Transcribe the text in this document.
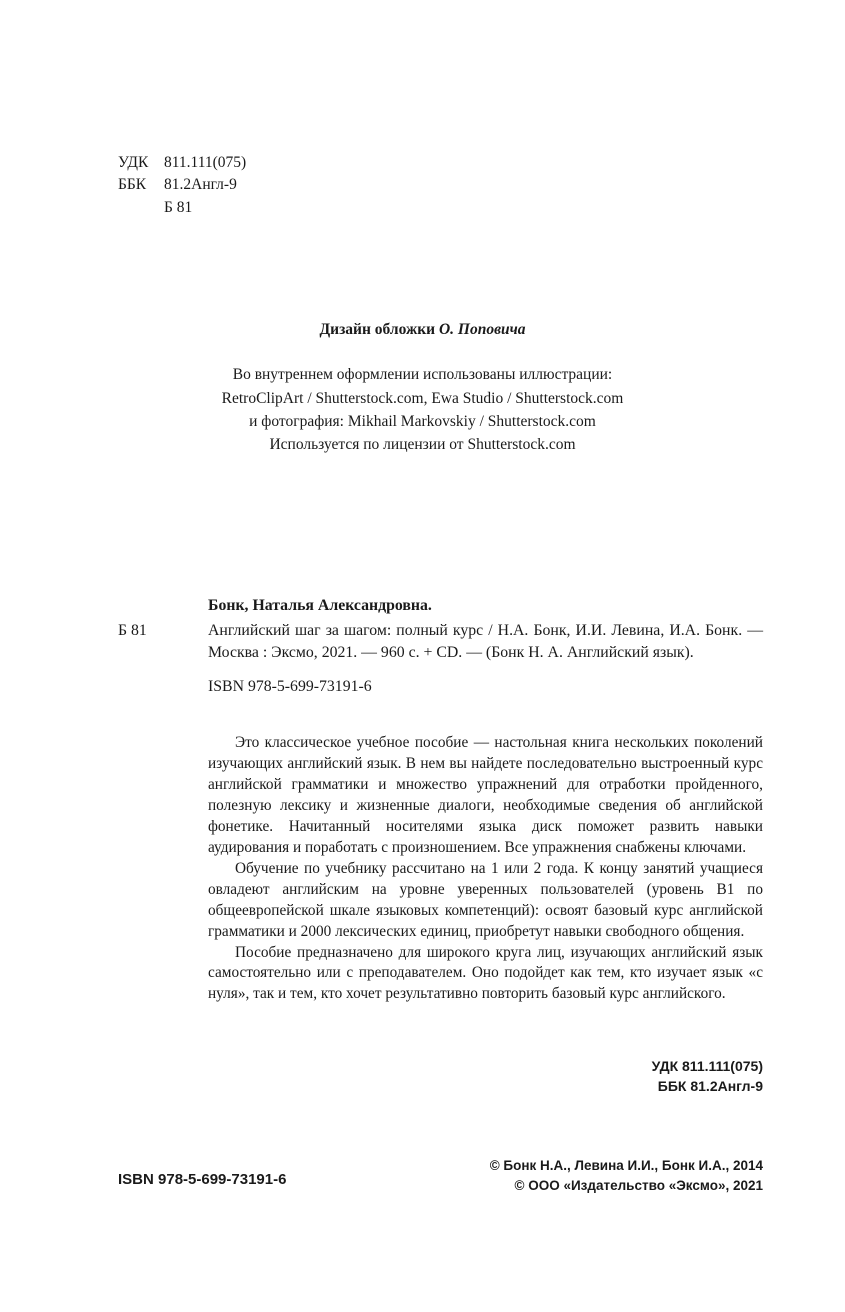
УДК 811.111(075)
ББК 81.2Англ-9
Б 81
Дизайн обложки О. Поповича
Во внутреннем оформлении использованы иллюстрации:
RetroClipArt / Shutterstock.com, Ewa Studio / Shutterstock.com
и фотография: Mikhail Markovskiy / Shutterstock.com
Используется по лицензии от Shutterstock.com
Бонк, Наталья Александровна.
Б 81	Английский шаг за шагом: полный курс / Н.А. Бонк, И.И. Левина, И.А. Бонк. — Москва : Эксмо, 2021. — 960 с. + CD. — (Бонк Н. А. Английский язык).
ISBN 978-5-699-73191-6

Это классическое учебное пособие — настольная книга нескольких поколений изучающих английский язык. В нем вы найдете последовательно выстроенный курс английской грамматики и множество упражнений для отработки пройденного, полезную лексику и жизненные диалоги, необходимые сведения об английской фонетике. Начитанный носителями языка диск поможет развить навыки аудирования и поработать с произношением. Все упражнения снабжены ключами.

Обучение по учебнику рассчитано на 1 или 2 года. К концу занятий учащиеся овладеют английским на уровне уверенных пользователей (уровень B1 по общеевропейской шкале языковых компетенций): освоят базовый курс английской грамматики и 2000 лексических единиц, приобретут навыки свободного общения.

Пособие предназначено для широкого круга лиц, изучающих английский язык самостоятельно или с преподавателем. Оно подойдет как тем, кто изучает язык «с нуля», так и тем, кто хочет результативно повторить базовый курс английского.

УДК 811.111(075)
ББК 81.2Англ-9
ISBN 978-5-699-73191-6
© Бонк Н.А., Левина И.И., Бонк И.А., 2014
© ООО «Издательство «Эксмо», 2021
